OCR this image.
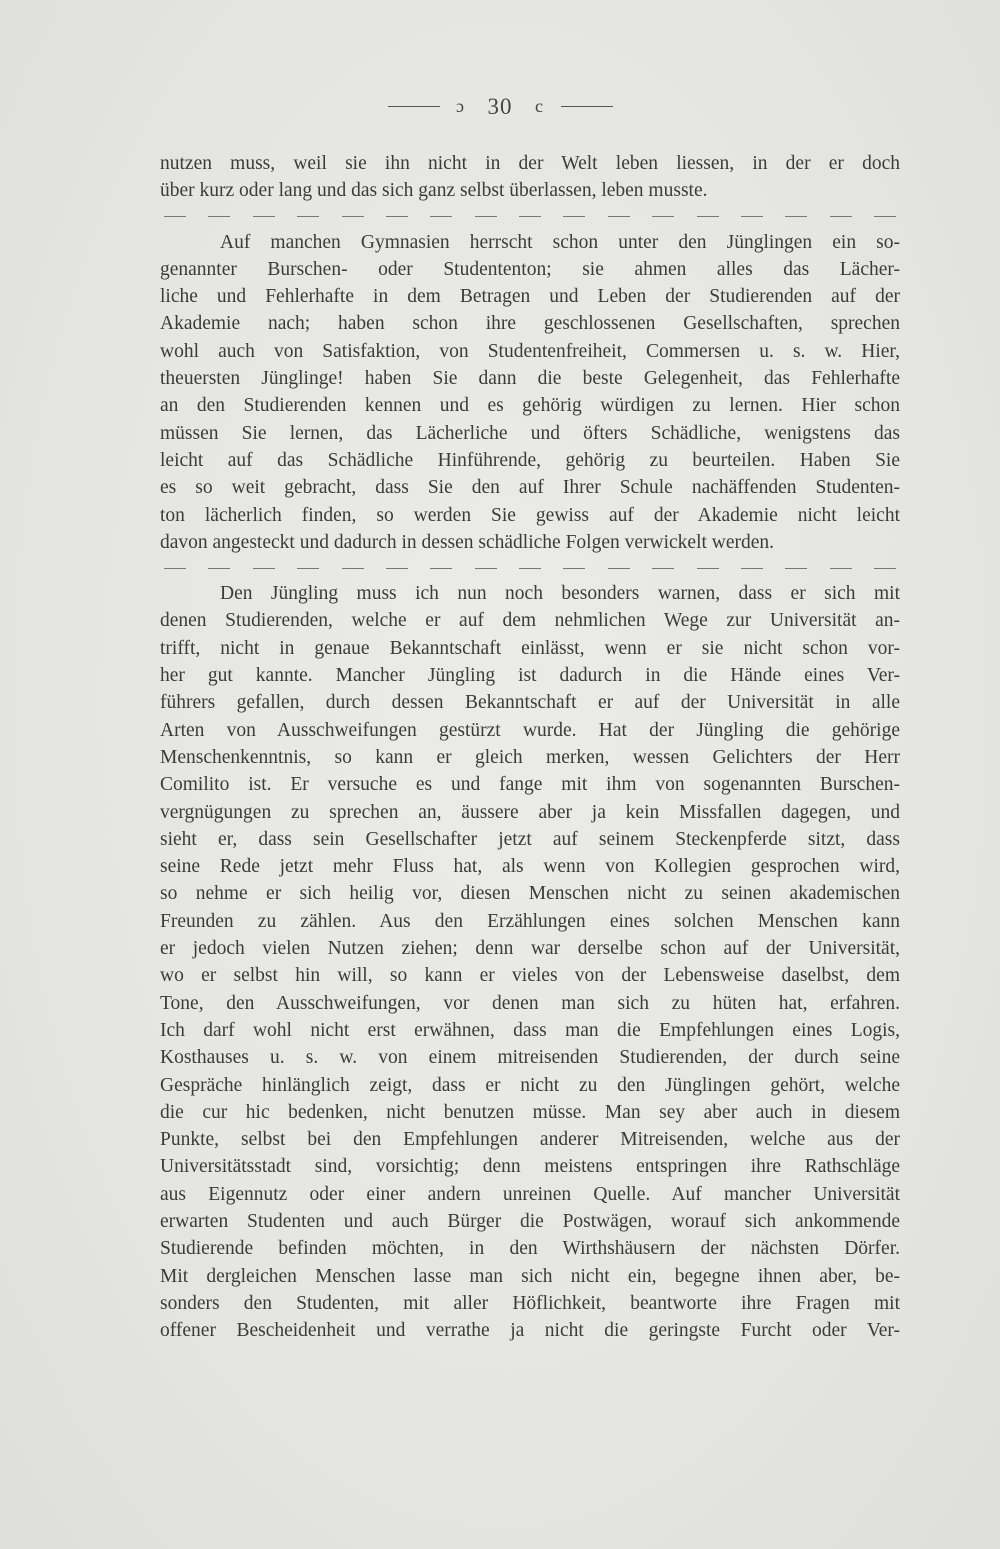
ɔ 30 c
nutzen muss, weil sie ihn nicht in der Welt leben liessen, in der er doch
über kurz oder lang und das sich ganz selbst überlassen, leben musste.
Auf manchen Gymnasien herrscht schon unter den Jünglingen ein so-
genannter Burschen- oder Studententon; sie ahmen alles das Lächer-
liche und Fehlerhafte in dem Betragen und Leben der Studierenden auf der
Akademie nach; haben schon ihre geschlossenen Gesellschaften, sprechen
wohl auch von Satisfaktion, von Studentenfreiheit, Commersen u. s. w. Hier,
theuersten Jünglinge! haben Sie dann die beste Gelegenheit, das Fehlerhafte
an den Studierenden kennen und es gehörig würdigen zu lernen. Hier schon
müssen Sie lernen, das Lächerliche und öfters Schädliche, wenigstens das
leicht auf das Schädliche Hinführende, gehörig zu beurteilen. Haben Sie
es so weit gebracht, dass Sie den auf Ihrer Schule nachäffenden Studenten-
ton lächerlich finden, so werden Sie gewiss auf der Akademie nicht leicht
davon angesteckt und dadurch in dessen schädliche Folgen verwickelt werden.
Den Jüngling muss ich nun noch besonders warnen, dass er sich mit
denen Studierenden, welche er auf dem nehmlichen Wege zur Universität an-
trifft, nicht in genaue Bekanntschaft einlässt, wenn er sie nicht schon vor-
her gut kannte. Mancher Jüngling ist dadurch in die Hände eines Ver-
führers gefallen, durch dessen Bekanntschaft er auf der Universität in alle
Arten von Ausschweifungen gestürzt wurde. Hat der Jüngling die gehörige
Menschenkenntnis, so kann er gleich merken, wessen Gelichters der Herr
Comilito ist. Er versuche es und fange mit ihm von sogenannten Burschen-
vergnügungen zu sprechen an, äussere aber ja kein Missfallen dagegen, und
sieht er, dass sein Gesellschafter jetzt auf seinem Steckenpferde sitzt, dass
seine Rede jetzt mehr Fluss hat, als wenn von Kollegien gesprochen wird,
so nehme er sich heilig vor, diesen Menschen nicht zu seinen akademischen
Freunden zu zählen. Aus den Erzählungen eines solchen Menschen kann
er jedoch vielen Nutzen ziehen; denn war derselbe schon auf der Universität,
wo er selbst hin will, so kann er vieles von der Lebensweise daselbst, dem
Tone, den Ausschweifungen, vor denen man sich zu hüten hat, erfahren.
Ich darf wohl nicht erst erwähnen, dass man die Empfehlungen eines Logis,
Kosthauses u. s. w. von einem mitreisenden Studierenden, der durch seine
Gespräche hinlänglich zeigt, dass er nicht zu den Jünglingen gehört, welche
die cur hic bedenken, nicht benutzen müsse. Man sey aber auch in diesem
Punkte, selbst bei den Empfehlungen anderer Mitreisenden, welche aus der
Universitätsstadt sind, vorsichtig; denn meistens entspringen ihre Rathschläge
aus Eigennutz oder einer andern unreinen Quelle. Auf mancher Universität
erwarten Studenten und auch Bürger die Postwägen, worauf sich ankommende
Studierende befinden möchten, in den Wirthshäusern der nächsten Dörfer.
Mit dergleichen Menschen lasse man sich nicht ein, begegne ihnen aber, be-
sonders den Studenten, mit aller Höflichkeit, beantworte ihre Fragen mit
offener Bescheidenheit und verrathe ja nicht die geringste Furcht oder Ver-
